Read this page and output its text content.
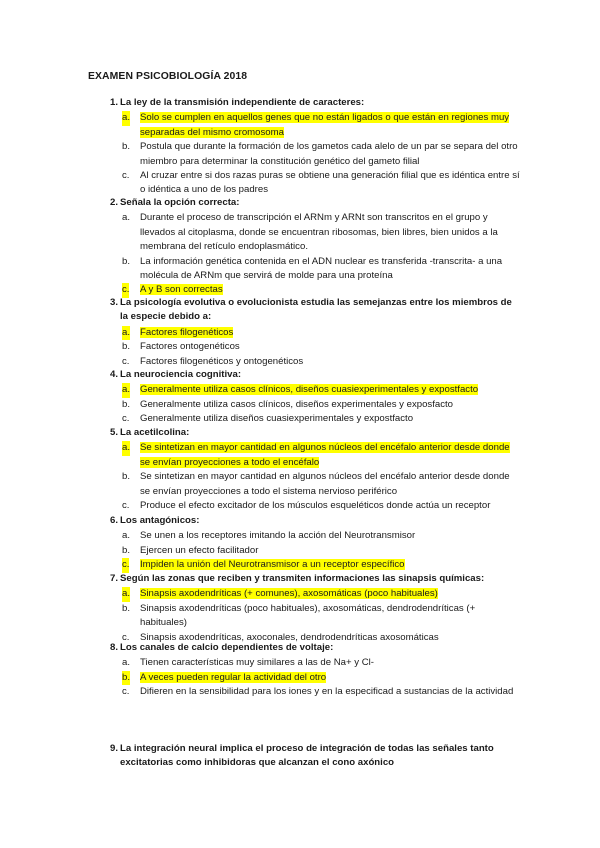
EXAMEN PSICOBIOLOGÍA 2018
1. La ley de la transmisión independiente de caracteres:
a. Solo se cumplen en aquellos genes que no están ligados o que están en regiones muy separadas del mismo cromosoma
b. Postula que durante la formación de los gametos cada alelo de un par se separa del otro miembro para determinar la constitución genético del gameto filial
c. Al cruzar entre si dos razas puras se obtiene una generación filial que es idéntica entre sí o idéntica a uno de los padres
2. Señala la opción correcta:
a. Durante el proceso de transcripción el ARNm y ARNt son transcritos en el grupo y llevados al citoplasma, donde se encuentran ribosomas, bien libres, bien unidos a la membrana del retículo endoplasmático.
b. La información genética contenida en el ADN nuclear es transferida -transcrita- a una molécula de ARNm que servirá de molde para una proteína
c. A y B son correctas
3. La psicología evolutiva o evolucionista estudia las semejanzas entre los miembros de la especie debido a:
a. Factores filogenéticos
b. Factores ontogenéticos
c. Factores filogenéticos y ontogenéticos
4. La neurociencia cognitiva:
a. Generalmente utiliza casos clínicos, diseños cuasiexperimentales y expostfacto
b. Generalmente utiliza casos clínicos, diseños experimentales y exposfacto
c. Generalmente utiliza diseños cuasiexperimentales y expostfacto
5. La acetilcolina:
a. Se sintetizan en mayor cantidad en algunos núcleos del encéfalo anterior desde donde se envían proyecciones a todo el encéfalo
b. Se sintetizan en mayor cantidad en algunos núcleos del encéfalo anterior desde donde se envían proyecciones a todo el sistema nervioso periférico
c. Produce el efecto excitador de los músculos esqueléticos donde actúa un receptor
6. Los antagónicos:
a. Se unen a los receptores imitando la acción del Neurotransmisor
b. Ejercen un efecto facilitador
c. Impiden la unión del Neurotransmisor a un receptor específico
7. Según las zonas que reciben y transmiten informaciones las sinapsis químicas:
a. Sinapsis axodendríticas (+ comunes), axosomáticas (poco habituales)
b. Sinapsis axodendríticas (poco habituales), axosomáticas, dendrodendríticas (+ habituales)
c. Sinapsis axodendríticas, axoconales, dendrodendríticas axosomáticas
8. Los canales de calcio dependientes de voltaje:
a. Tienen características muy similares a las de Na+ y Cl-
b. A veces pueden regular la actividad del otro
c. Difieren en la sensibilidad para los iones y en la especificad a sustancias de la actividad
9. La integración neural implica el proceso de integración de todas las señales tanto excitatorias como inhibidoras que alcanzan el cono axónico
